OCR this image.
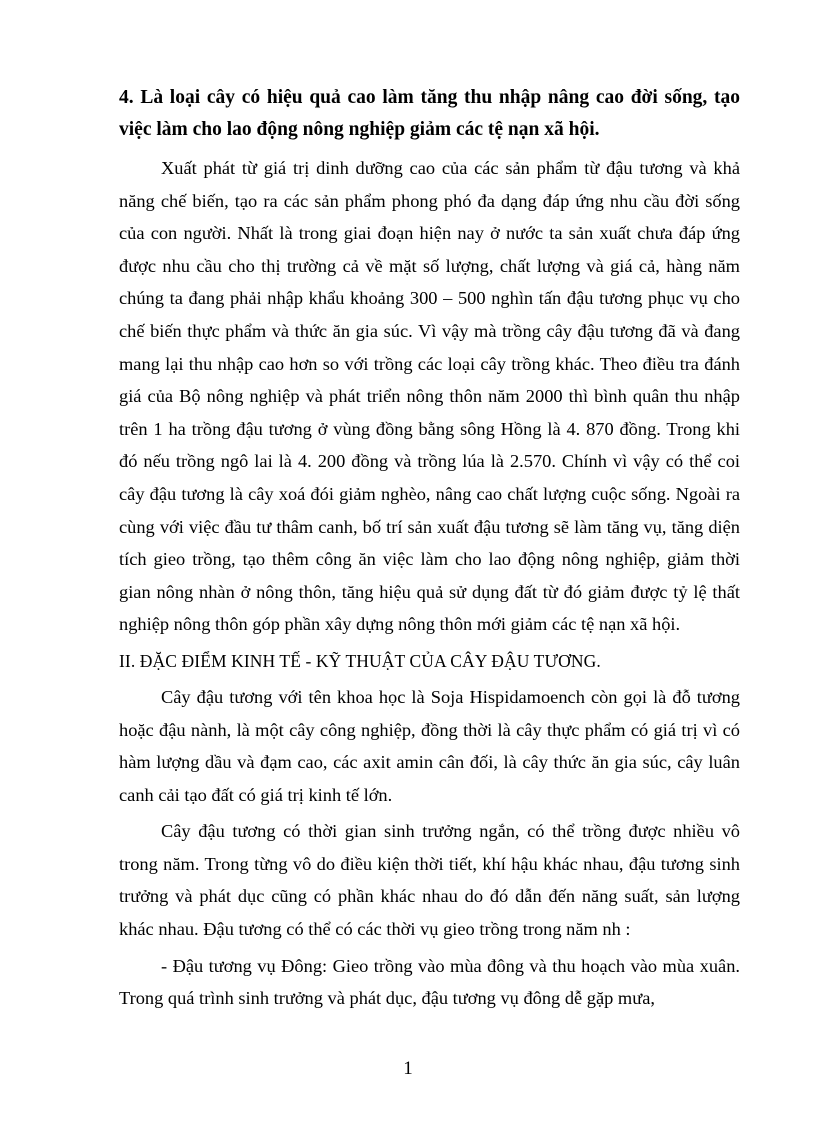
4. Là loại cây có hiệu quả cao làm tăng thu nhập nâng cao đời sống, tạo việc làm cho lao động nông nghiệp giảm các tệ nạn xã hội.

Xuất phát từ giá trị dinh dưỡng cao của các sản phẩm từ đậu tương và khả năng chế biến, tạo ra các sản phẩm phong phó đa dạng đáp ứng nhu cầu đời sống của con người. Nhất là trong giai đoạn hiện nay ở nước ta sản xuất chưa đáp ứng được nhu cầu cho thị trường cả về mặt số lượng, chất lượng và giá cả, hàng năm chúng ta đang phải nhập khẩu khoảng 300 – 500 nghìn tấn đậu tương phục vụ cho chế biến thực phẩm và thức ăn gia súc. Vì vậy mà trồng cây đậu tương đã và đang mang lại thu nhập cao hơn so với trồng các loại cây trồng khác. Theo điều tra đánh giá của Bộ nông nghiệp và phát triển nông thôn năm 2000 thì bình quân thu nhập trên 1 ha trồng đậu tương ở vùng đồng bằng sông Hồng là 4. 870 đồng. Trong khi đó nếu trồng ngô lai là 4. 200 đồng và trồng lúa là 2.570. Chính vì vậy có thể coi cây đậu tương là cây xoá đói giảm nghèo, nâng cao chất lượng cuộc sống. Ngoài ra cùng với việc đầu tư thâm canh, bố trí sản xuất đậu tương sẽ làm tăng vụ, tăng diện tích gieo trồng, tạo thêm công ăn việc làm cho lao động nông nghiệp, giảm thời gian nông nhàn ở nông thôn, tăng hiệu quả sử dụng đất từ đó giảm được tỷ lệ thất nghiệp nông thôn góp phần xây dựng nông thôn mới giảm các tệ nạn xã hội.

II. ĐẶC ĐIỂM KINH TẾ - KỸ THUẬT CỦA CÂY ĐẬU TƯƠNG.

Cây đậu tương với tên khoa học là Soja Hispidamoench còn gọi là đỗ tương hoặc đậu nành, là một cây công nghiệp, đồng thời là cây thực phẩm có giá trị vì có hàm lượng dầu và đạm cao, các axit amin cân đối, là cây thức ăn gia súc, cây luân canh cải tạo đất có giá trị kinh tế lớn.

Cây đậu tương có thời gian sinh trưởng ngắn, có thể trồng được nhiều vô trong năm. Trong từng vô do điều kiện thời tiết, khí hậu khác nhau, đậu tương sinh trưởng và phát dục cũng có phần khác nhau do đó dẫn đến năng suất, sản lượng khác nhau. Đậu tương có thể có các thời vụ gieo trồng trong năm nh :

- Đậu tương vụ Đông: Gieo trồng vào mùa đông và thu hoạch vào mùa xuân. Trong quá trình sinh trưởng và phát dục, đậu tương vụ đông dễ gặp mưa,

1
